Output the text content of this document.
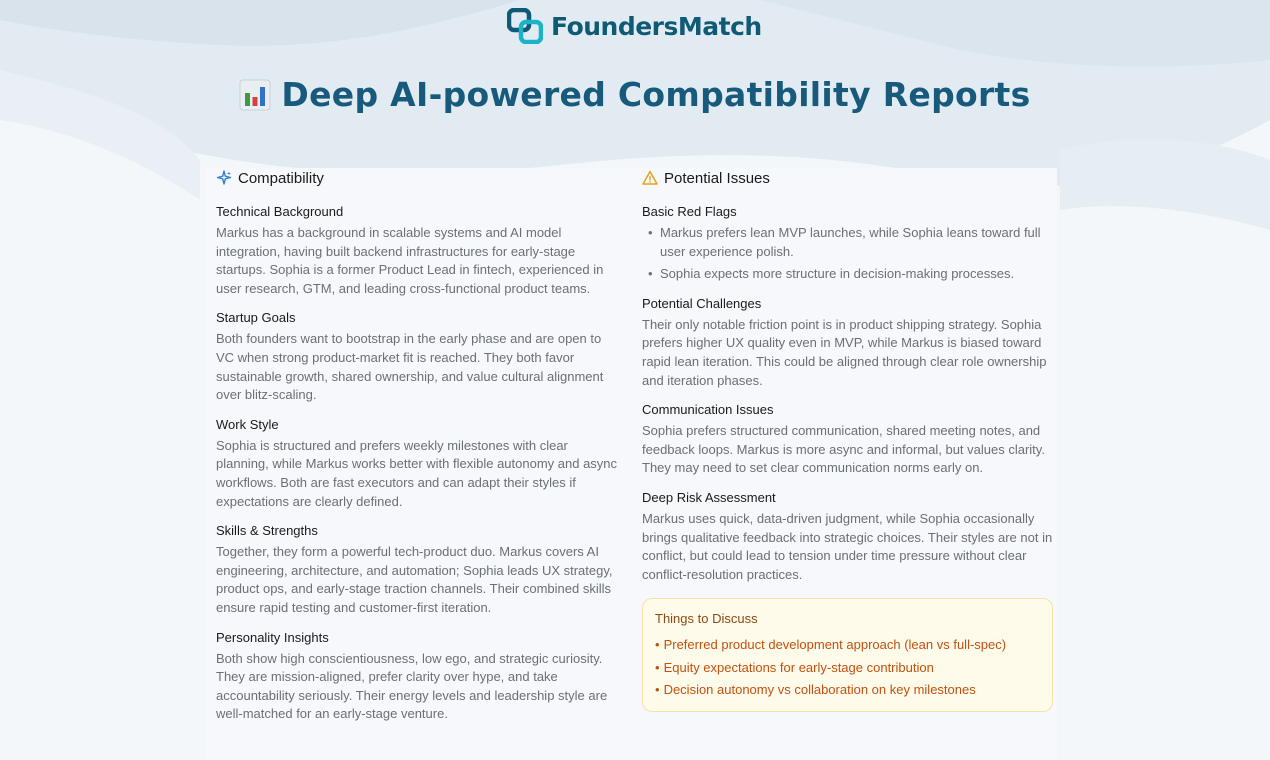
FoundersMatch
Deep AI-powered Compatibility Reports
Compatibility
Technical Background

Markus has a background in scalable systems and AI model integration, having built backend infrastructures for early-stage startups. Sophia is a former Product Lead in fintech, experienced in user research, GTM, and leading cross-functional product teams.

Startup Goals

Both founders want to bootstrap in the early phase and are open to VC when strong product-market fit is reached. They both favor sustainable growth, shared ownership, and value cultural alignment over blitz-scaling.

Work Style

Sophia is structured and prefers weekly milestones with clear planning, while Markus works better with flexible autonomy and async workflows. Both are fast executors and can adapt their styles if expectations are clearly defined.

Skills & Strengths

Together, they form a powerful tech-product duo. Markus covers AI engineering, architecture, and automation; Sophia leads UX strategy, product ops, and early-stage traction channels. Their combined skills ensure rapid testing and customer-first iteration.

Personality Insights

Both show high conscientiousness, low ego, and strategic curiosity. They are mission-aligned, prefer clarity over hype, and take accountability seriously. Their energy levels and leadership style are well-matched for an early-stage venture.

Potential Issues
Basic Red Flags
• Markus prefers lean MVP launches, while Sophia leans toward full user experience polish.
• Sophia expects more structure in decision-making processes.
Potential Challenges

Their only notable friction point is in product shipping strategy. Sophia prefers higher UX quality even in MVP, while Markus is biased toward rapid lean iteration. This could be aligned through clear role ownership and iteration phases.

Communication Issues

Sophia prefers structured communication, shared meeting notes, and feedback loops. Markus is more async and informal, but values clarity. They may need to set clear communication norms early on.

Deep Risk Assessment

Markus uses quick, data-driven judgment, while Sophia occasionally brings qualitative feedback into strategic choices. Their styles are not in conflict, but could lead to tension under time pressure without clear conflict-resolution practices.

Things to Discuss
• Preferred product development approach (lean vs full-spec)
• Equity expectations for early-stage contribution
• Decision autonomy vs collaboration on key milestones
